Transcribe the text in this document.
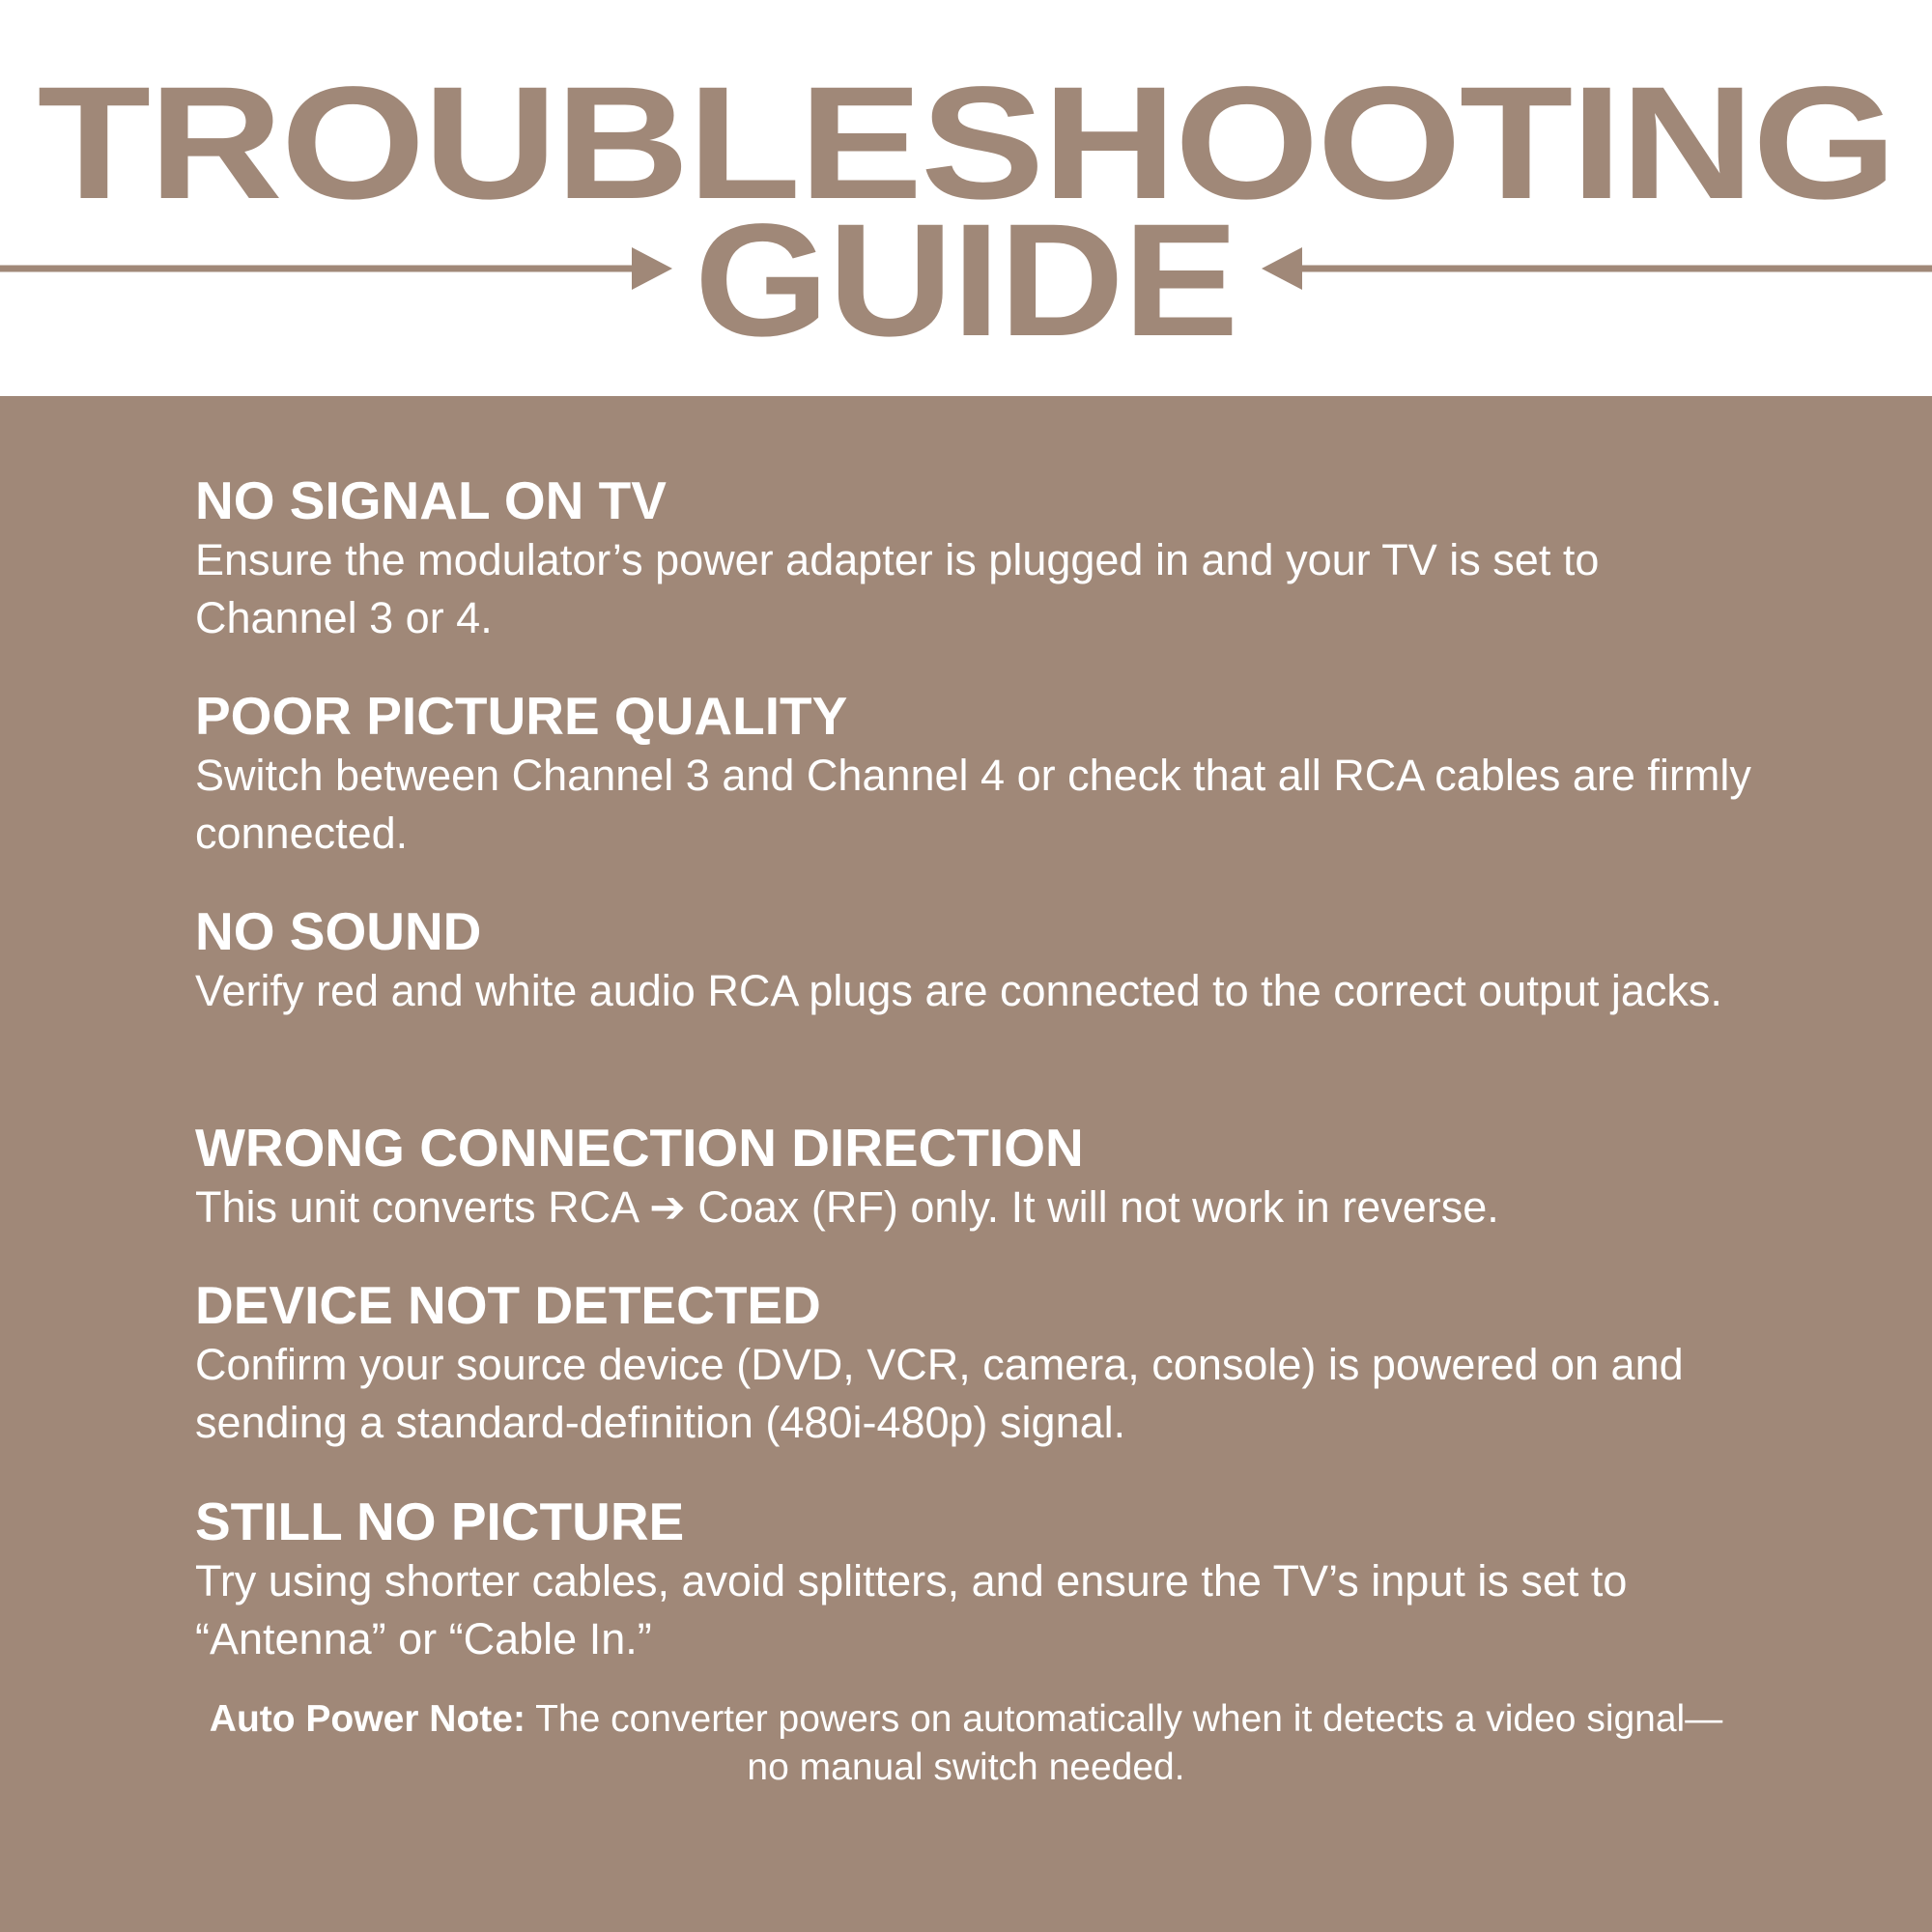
TROUBLESHOOTING
GUIDE

NO SIGNAL ON TV

Ensure the modulator’s power adapter is plugged in and your TV is set to Channel 3 or 4.

POOR PICTURE QUALITY

Switch between Channel 3 and Channel 4 or check that all RCA cables are firmly connected.

NO SOUND

Verify red and white audio RCA plugs are connected to the correct output jacks.

WRONG CONNECTION DIRECTION

This unit converts RCA ➔ Coax (RF) only. It will not work in reverse.

DEVICE NOT DETECTED

Confirm your source device (DVD, VCR, camera, console) is powered on and sending a standard-definition (480i-480p) signal.

STILL NO PICTURE

Try using shorter cables, avoid splitters, and ensure the TV’s input is set to “Antenna” or “Cable In.”

Auto Power Note: The converter powers on automatically when it detects a video signal—no manual switch needed.
